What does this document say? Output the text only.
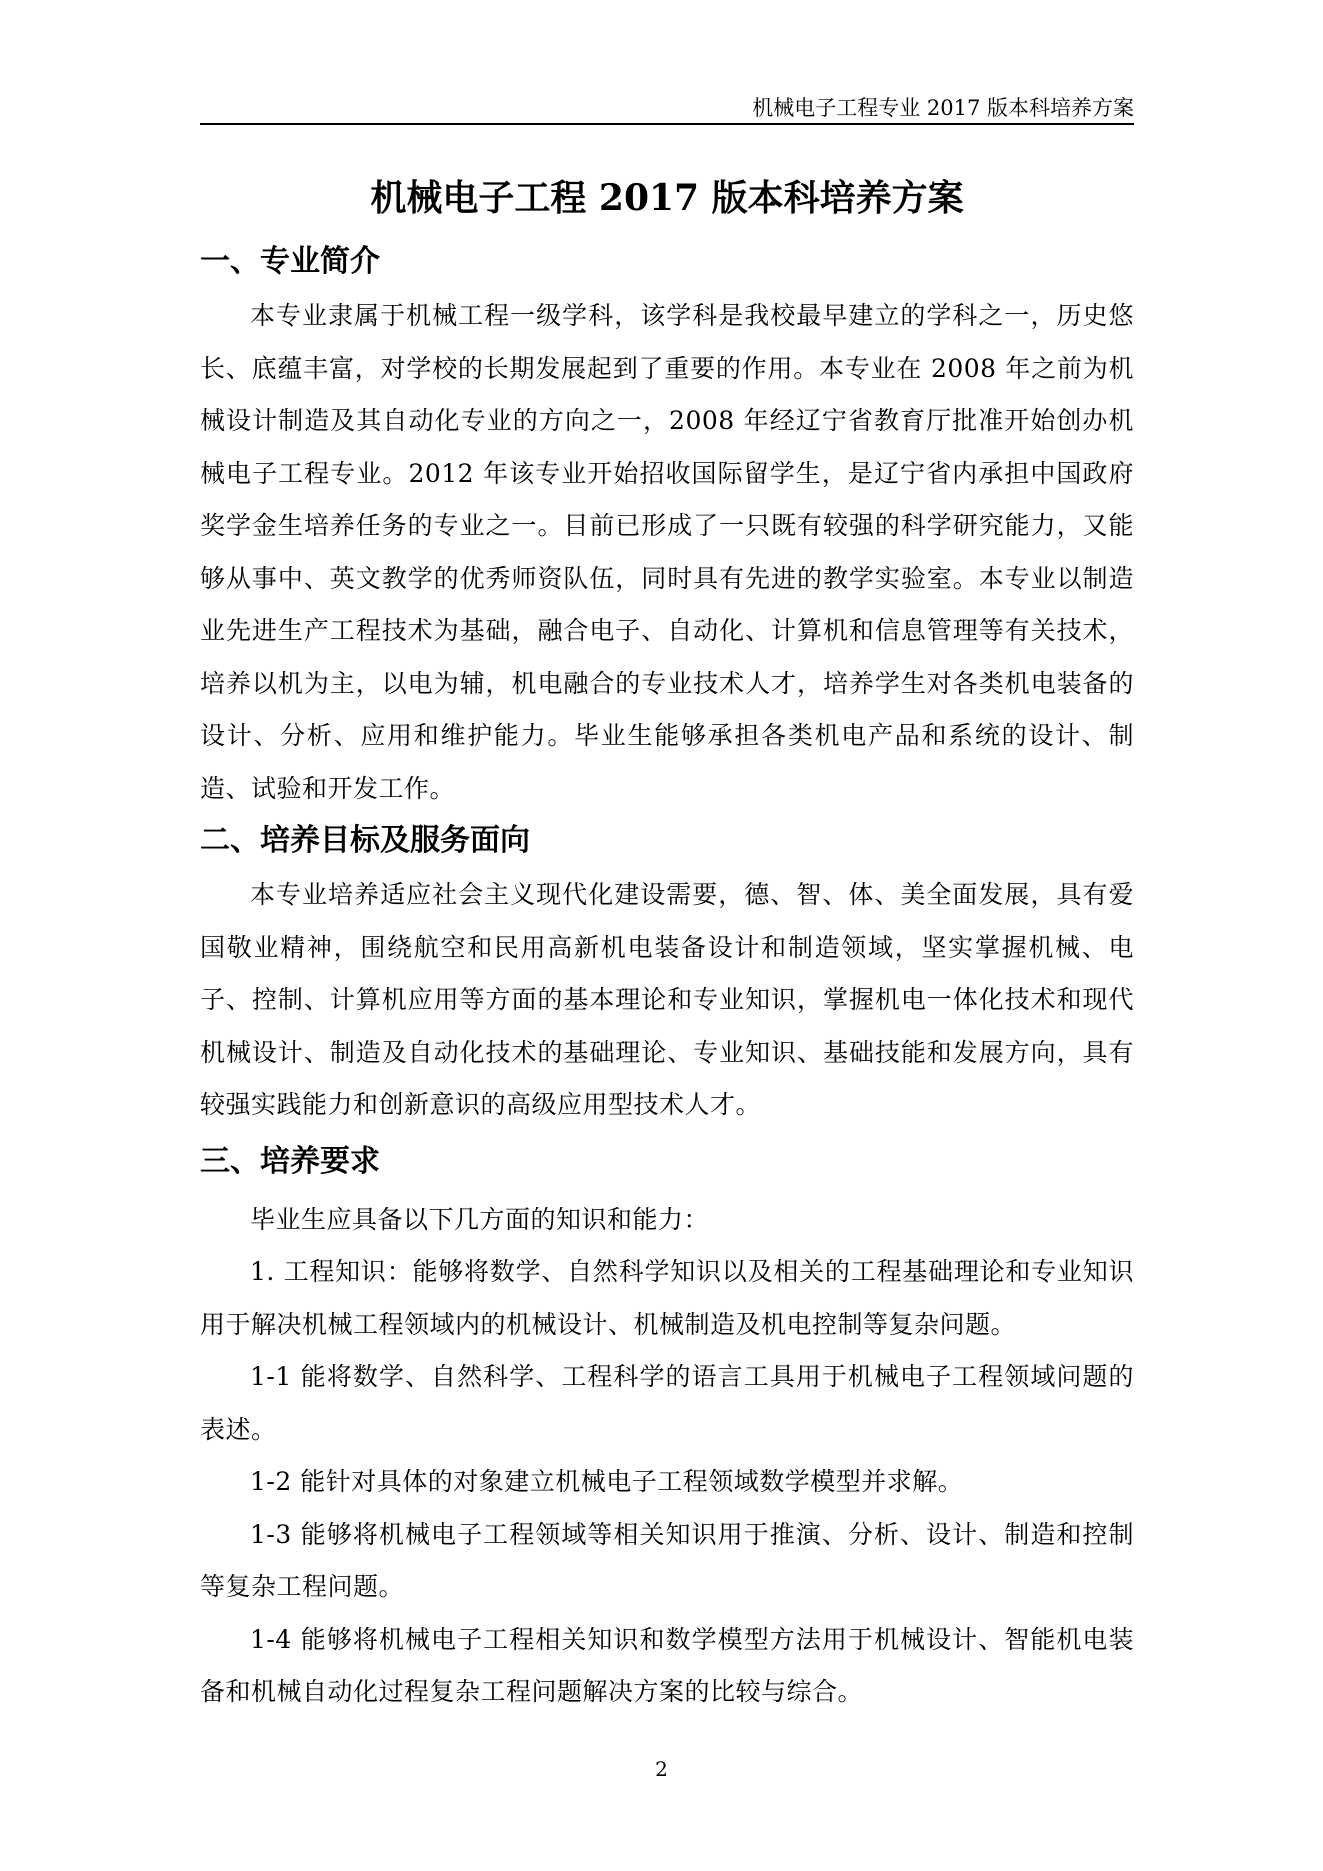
机械电子工程专业 2017 版本科培养方案
机械电子工程 2017 版本科培养方案
一、专业简介

本专业隶属于机械工程一级学科，该学科是我校最早建立的学科之一，历史悠长、底蕴丰富，对学校的长期发展起到了重要的作用。本专业在 2008 年之前为机械设计制造及其自动化专业的方向之一，2008 年经辽宁省教育厅批准开始创办机械电子工程专业。2012 年该专业开始招收国际留学生，是辽宁省内承担中国政府奖学金生培养任务的专业之一。目前已形成了一只既有较强的科学研究能力，又能够从事中、英文教学的优秀师资队伍，同时具有先进的教学实验室。本专业以制造业先进生产工程技术为基础，融合电子、自动化、计算机和信息管理等有关技术，培养以机为主，以电为辅，机电融合的专业技术人才，培养学生对各类机电装备的设计、分析、应用和维护能力。毕业生能够承担各类机电产品和系统的设计、制造、试验和开发工作。

二、培养目标及服务面向

本专业培养适应社会主义现代化建设需要，德、智、体、美全面发展，具有爱国敬业精神，围绕航空和民用高新机电装备设计和制造领域，坚实掌握机械、电子、控制、计算机应用等方面的基本理论和专业知识，掌握机电一体化技术和现代机械设计、制造及自动化技术的基础理论、专业知识、基础技能和发展方向，具有较强实践能力和创新意识的高级应用型技术人才。

三、培养要求

毕业生应具备以下几方面的知识和能力：

1. 工程知识：能够将数学、自然科学知识以及相关的工程基础理论和专业知识用于解决机械工程领域内的机械设计、机械制造及机电控制等复杂问题。

1-1 能将数学、自然科学、工程科学的语言工具用于机械电子工程领域问题的表述。

1-2 能针对具体的对象建立机械电子工程领域数学模型并求解。

1-3 能够将机械电子工程领域等相关知识用于推演、分析、设计、制造和控制等复杂工程问题。

1-4 能够将机械电子工程相关知识和数学模型方法用于机械设计、智能机电装备和机械自动化过程复杂工程问题解决方案的比较与综合。

2
